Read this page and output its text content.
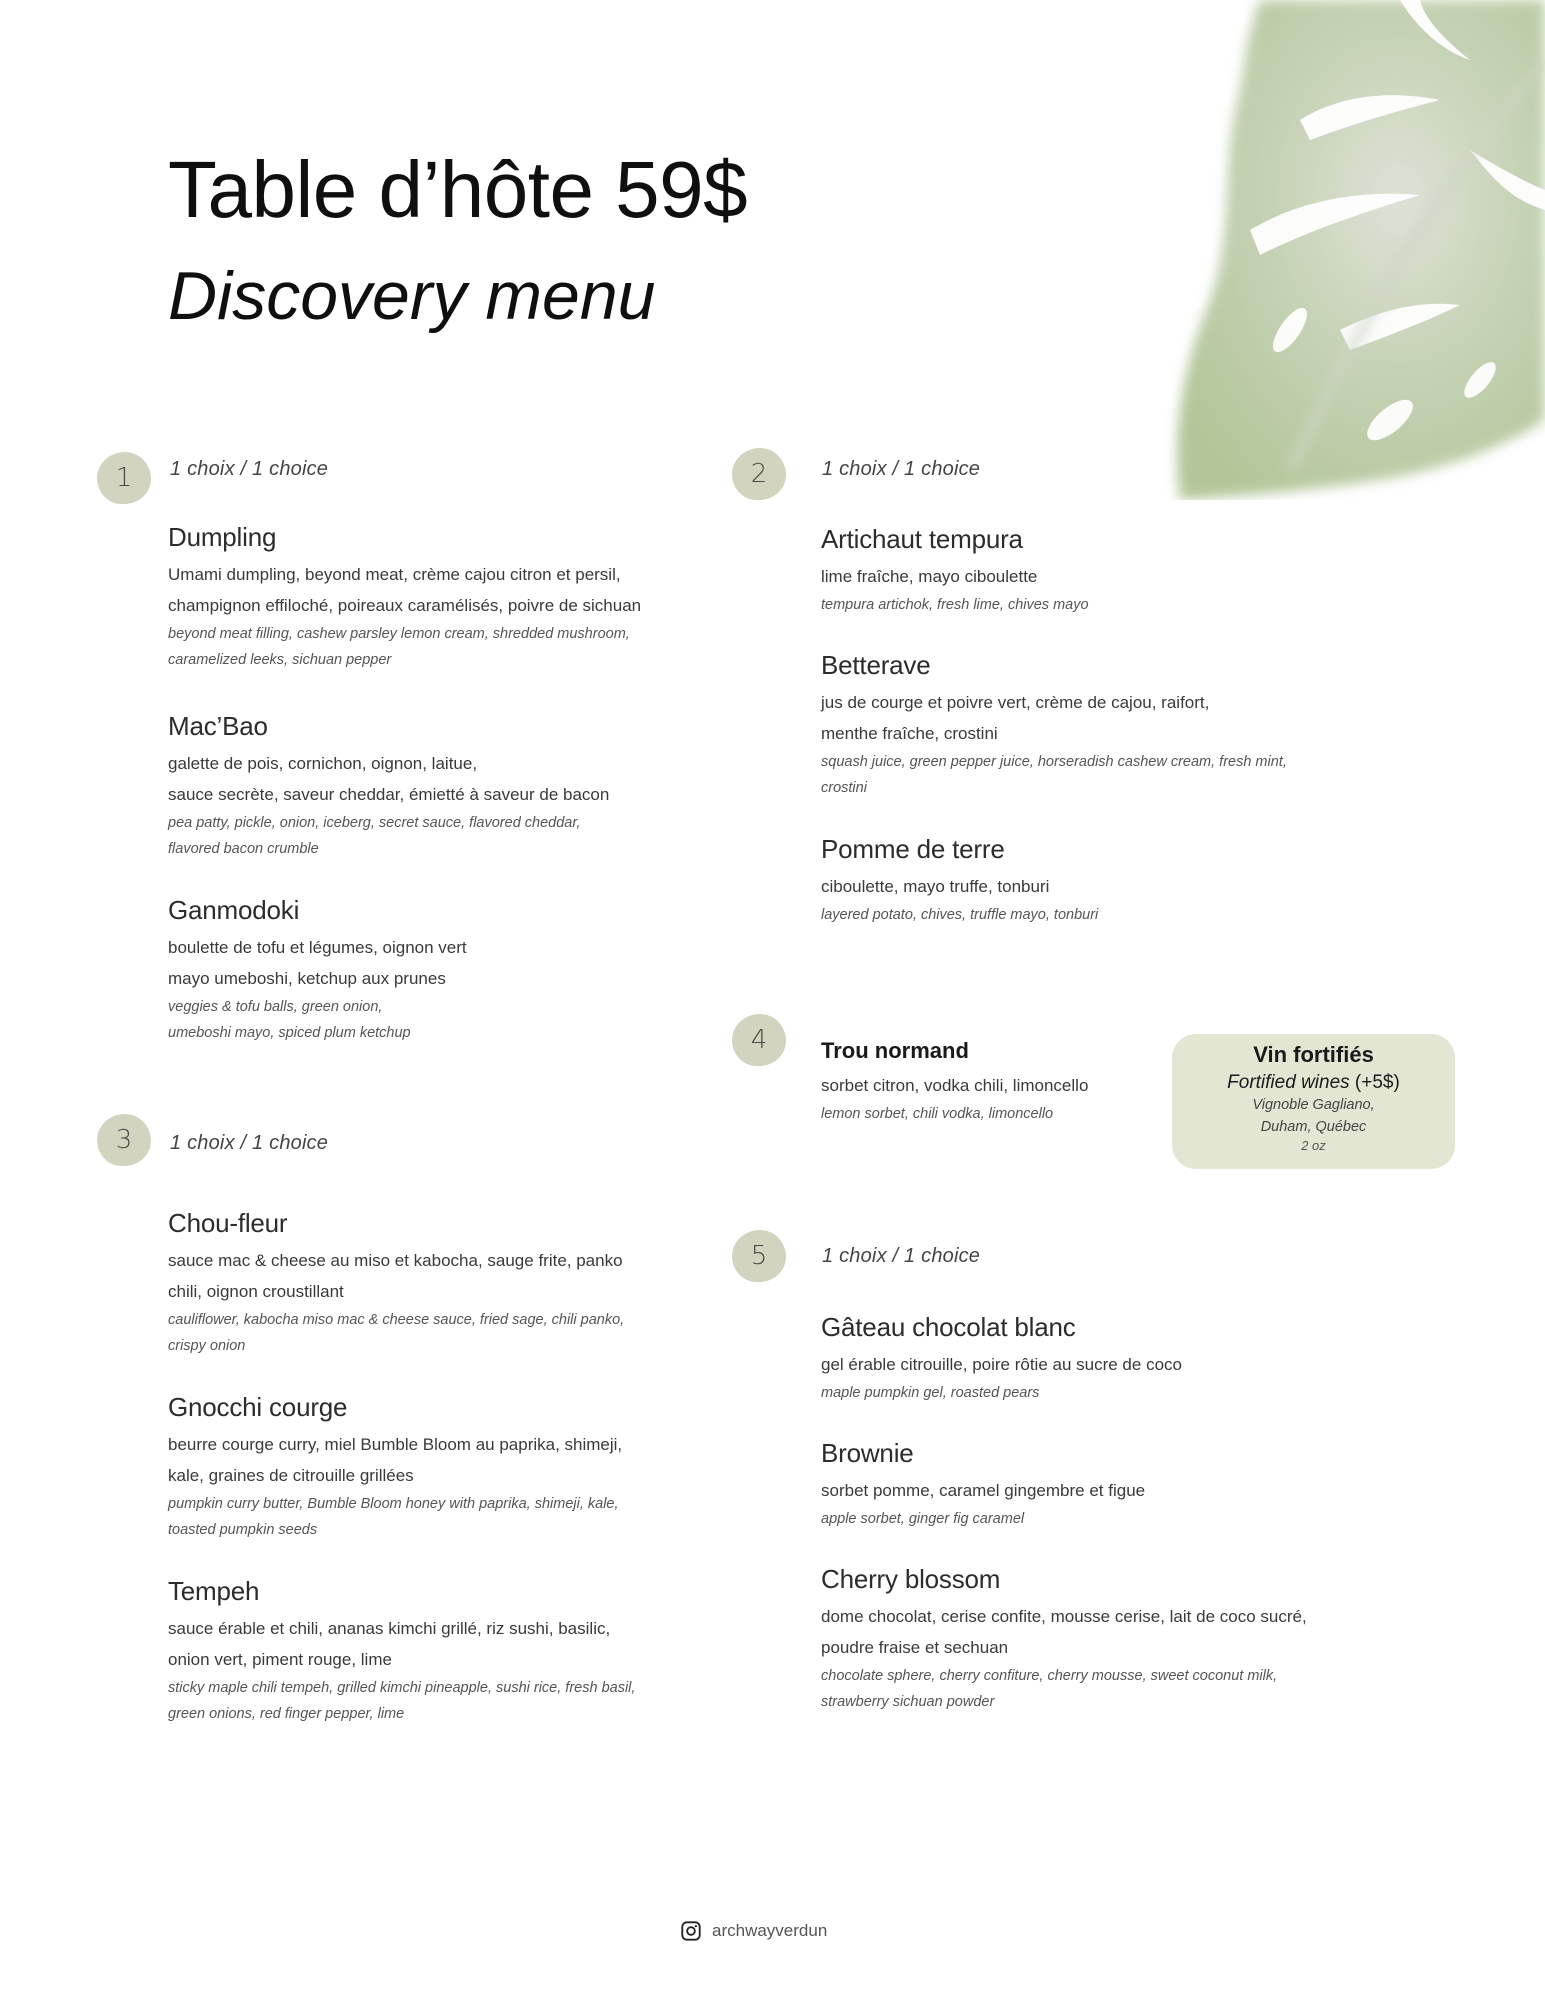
Table d’hôte 59$
Discovery menu
1	1 choix / 1 choice
Dumpling
Umami dumpling, beyond meat, crème cajou citron et persil,
champignon effiloché, poireaux caramélisés, poivre de sichuan
beyond meat filling, cashew parsley lemon cream, shredded mushroom,
caramelized leeks, sichuan pepper
Mac’Bao
galette de pois, cornichon, oignon, laitue,
sauce secrète, saveur cheddar, émietté à saveur de bacon
pea patty, pickle, onion, iceberg, secret sauce, flavored cheddar,
flavored bacon crumble
Ganmodoki
boulette de tofu et légumes, oignon vert
mayo umeboshi, ketchup aux prunes
veggies & tofu balls, green onion,
umeboshi mayo, spiced plum ketchup
2	1 choix / 1 choice
Artichaut tempura
lime fraîche, mayo ciboulette
tempura artichok, fresh lime, chives mayo
Betterave
jus de courge et poivre vert, crème de cajou, raifort,
menthe fraîche, crostini
squash juice, green pepper juice, horseradish cashew cream, fresh mint,
crostini
Pomme de terre
ciboulette, mayo truffe, tonburi
layered potato, chives, truffle mayo, tonburi
3	1 choix / 1 choice
Chou-fleur
sauce mac & cheese au miso et kabocha, sauge frite, panko
chili, oignon croustillant
cauliflower, kabocha miso mac & cheese sauce, fried sage, chili panko,
crispy onion
Gnocchi courge
beurre courge curry, miel Bumble Bloom au paprika, shimeji,
kale, graines de citrouille grillées
pumpkin curry butter, Bumble Bloom honey with paprika, shimeji, kale,
toasted pumpkin seeds
Tempeh
sauce érable et chili, ananas kimchi grillé, riz sushi, basilic,
onion vert, piment rouge, lime
sticky maple chili tempeh, grilled kimchi pineapple, sushi rice, fresh basil,
green onions, red finger pepper, lime
4	Trou normand
sorbet citron, vodka chili, limoncello
lemon sorbet, chili vodka, limoncello
Vin fortifiés
Fortified wines (+5$)
Vignoble Gagliano,
Duham, Québec
2 oz
5	1 choix / 1 choice
Gâteau chocolat blanc
gel érable citrouille, poire rôtie au sucre de coco
maple pumpkin gel, roasted pears
Brownie
sorbet pomme, caramel gingembre et figue
apple sorbet, ginger fig caramel
Cherry blossom
dome chocolat, cerise confite, mousse cerise, lait de coco sucré,
poudre fraise et sechuan
chocolate sphere, cherry confiture, cherry mousse, sweet coconut milk,
strawberry sichuan powder
archwayverdun
